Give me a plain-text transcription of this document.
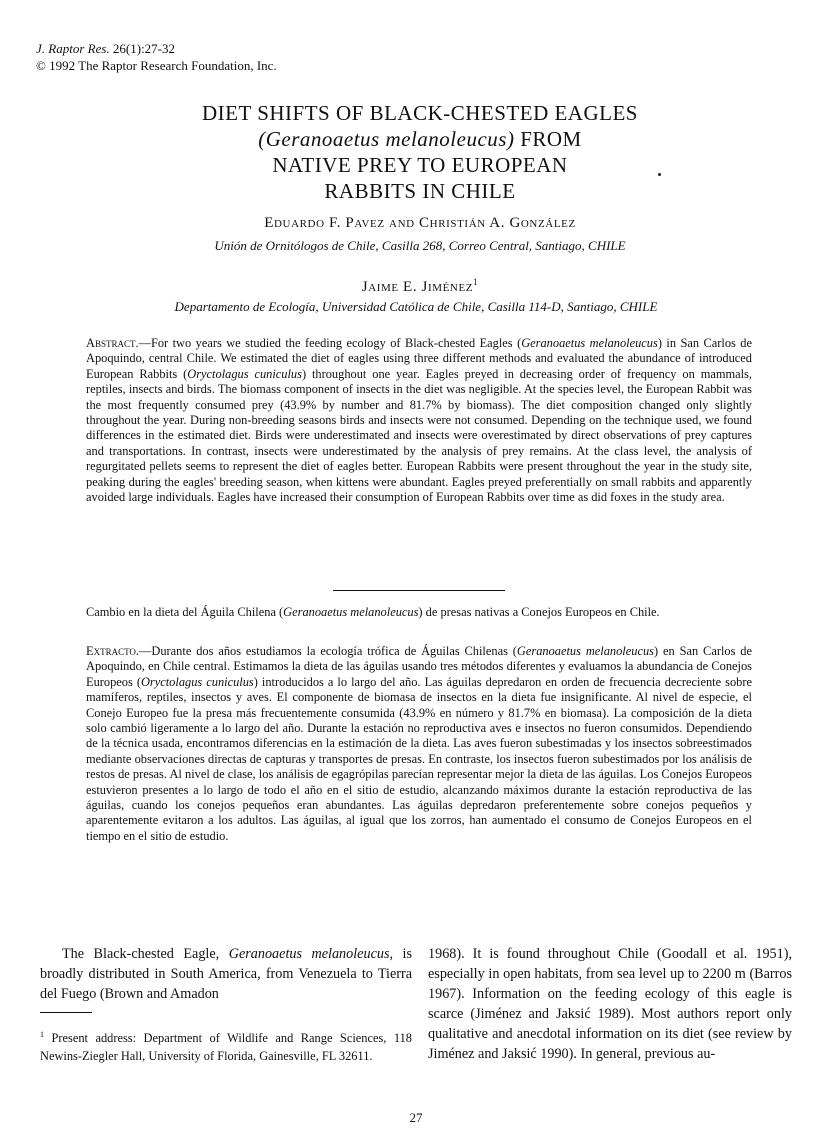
J. Raptor Res. 26(1):27-32
© 1992 The Raptor Research Foundation, Inc.
DIET SHIFTS OF BLACK-CHESTED EAGLES
(Geranoaetus melanoleucus) FROM
NATIVE PREY TO EUROPEAN
RABBITS IN CHILE
Eduardo F. Pavez and Christián A. González
Unión de Ornitólogos de Chile, Casilla 268, Correo Central, Santiago, CHILE
Jaime E. Jiménez$^1$
Departamento de Ecología, Universidad Católica de Chile, Casilla 114-D, Santiago, CHILE
Abstract.—For two years we studied the feeding ecology of Black-chested Eagles (Geranoaetus melanoleucus) in San Carlos de Apoquindo, central Chile. We estimated the diet of eagles using three different methods and evaluated the abundance of introduced European Rabbits (Oryctolagus cuniculus) throughout one year. Eagles preyed in decreasing order of frequency on mammals, reptiles, insects and birds. The biomass component of insects in the diet was negligible. At the species level, the European Rabbit was the most frequently consumed prey (43.9% by number and 81.7% by biomass). The diet composition changed only slightly throughout the year. During non-breeding seasons birds and insects were not consumed. Depending on the technique used, we found differences in the estimated diet. Birds were underestimated and insects were overestimated by direct observations of prey captures and transportations. In contrast, insects were underestimated by the analysis of prey remains. At the class level, the analysis of regurgitated pellets seems to represent the diet of eagles better. European Rabbits were present throughout the year in the study site, peaking during the eagles' breeding season, when kittens were abundant. Eagles preyed preferentially on small rabbits and apparently avoided large individuals. Eagles have increased their consumption of European Rabbits over time as did foxes in the study area.
Cambio en la dieta del Águila Chilena (Geranoaetus melanoleucus) de presas nativas a Conejos Europeos en Chile.
Extracto.—Durante dos años estudiamos la ecología trófica de Águilas Chilenas (Geranoaetus melanoleucus) en San Carlos de Apoquindo, en Chile central. Estimamos la dieta de las águilas usando tres métodos diferentes y evaluamos la abundancia de Conejos Europeos (Oryctolagus cuniculus) introducidos a lo largo del año. Las águilas depredaron en orden de frecuencia decreciente sobre mamíferos, reptiles, insectos y aves. El componente de biomasa de insectos en la dieta fue insignificante. Al nivel de especie, el Conejo Europeo fue la presa más frecuentemente consumida (43.9% en número y 81.7% en biomasa). La composición de la dieta solo cambió ligeramente a lo largo del año. Durante la estación no reproductiva aves e insectos no fueron consumidos. Dependiendo de la técnica usada, encontramos diferencias en la estimación de la dieta. Las aves fueron subestimadas y los insectos sobreestimados mediante observaciones directas de capturas y transportes de presas. En contraste, los insectos fueron subestimados por los análisis de restos de presas. Al nivel de clase, los análisis de egagrópilas parecían representar mejor la dieta de las águilas. Los Conejos Europeos estuvieron presentes a lo largo de todo el año en el sitio de estudio, alcanzando máximos durante la estación reproductiva de las águilas, cuando los conejos pequeños eran abundantes. Las águilas depredaron preferentemente sobre conejos pequeños y aparentemente evitaron a los adultos. Las águilas, al igual que los zorros, han aumentado el consumo de Conejos Europeos en el tiempo en el sitio de estudio.
The Black-chested Eagle, Geranoaetus melanoleucus, is broadly distributed in South America, from Venezuela to Tierra del Fuego (Brown and Amadon
$^1$ Present address: Department of Wildlife and Range Sciences, 118 Newins-Ziegler Hall, University of Florida, Gainesville, FL 32611.
1968). It is found throughout Chile (Goodall et al. 1951), especially in open habitats, from sea level up to 2200 m (Barros 1967). Information on the feeding ecology of this eagle is scarce (Jiménez and Jaksić 1989). Most authors report only qualitative and anecdotal information on its diet (see review by Jiménez and Jaksić 1990). In general, previous au-
27
